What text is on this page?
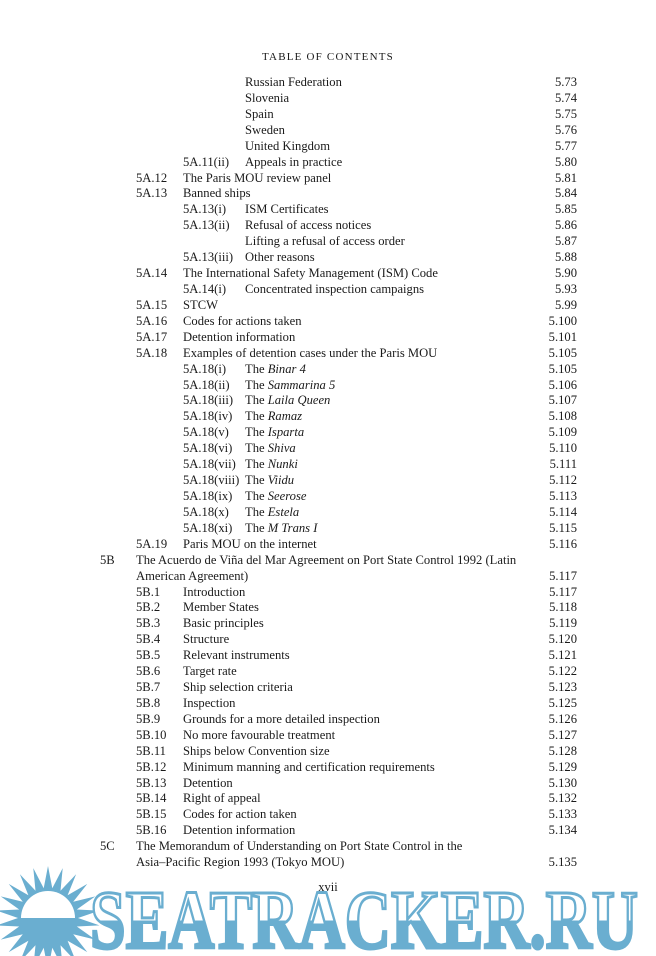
TABLE OF CONTENTS
Russian Federation	5.73
Slovenia	5.74
Spain	5.75
Sweden	5.76
United Kingdom	5.77
5A.11(ii) Appeals in practice	5.80
5A.12 The Paris MOU review panel	5.81
5A.13 Banned ships	5.84
5A.13(i) ISM Certificates	5.85
5A.13(ii) Refusal of access notices	5.86
Lifting a refusal of access order	5.87
5A.13(iii) Other reasons	5.88
5A.14 The International Safety Management (ISM) Code	5.90
5A.14(i) Concentrated inspection campaigns	5.93
5A.15 STCW	5.99
5A.16 Codes for actions taken	5.100
5A.17 Detention information	5.101
5A.18 Examples of detention cases under the Paris MOU	5.105
5A.18(i) The Binar 4	5.105
5A.18(ii) The Sammarina 5	5.106
5A.18(iii) The Laila Queen	5.107
5A.18(iv) The Ramaz	5.108
5A.18(v) The Isparta	5.109
5A.18(vi) The Shiva	5.110
5A.18(vii) The Nunki	5.111
5A.18(viii) The Viidu	5.112
5A.18(ix) The Seerose	5.113
5A.18(x) The Estela	5.114
5A.18(xi) The M Trans I	5.115
5A.19 Paris MOU on the internet	5.116
5B The Acuerdo de Viña del Mar Agreement on Port State Control 1992 (Latin
American Agreement)	5.117
5B.1 Introduction	5.117
5B.2 Member States	5.118
5B.3 Basic principles	5.119
5B.4 Structure	5.120
5B.5 Relevant instruments	5.121
5B.6 Target rate	5.122
5B.7 Ship selection criteria	5.123
5B.8 Inspection	5.125
5B.9 Grounds for a more detailed inspection	5.126
5B.10 No more favourable treatment	5.127
5B.11 Ships below Convention size	5.128
5B.12 Minimum manning and certification requirements	5.129
5B.13 Detention	5.130
5B.14 Right of appeal	5.132
5B.15 Codes for action taken	5.133
5B.16 Detention information	5.134
5C The Memorandum of Understanding on Port State Control in the
Asia–Pacific Region 1993 (Tokyo MOU)	5.135
SEATRACKER.RU
xvii
